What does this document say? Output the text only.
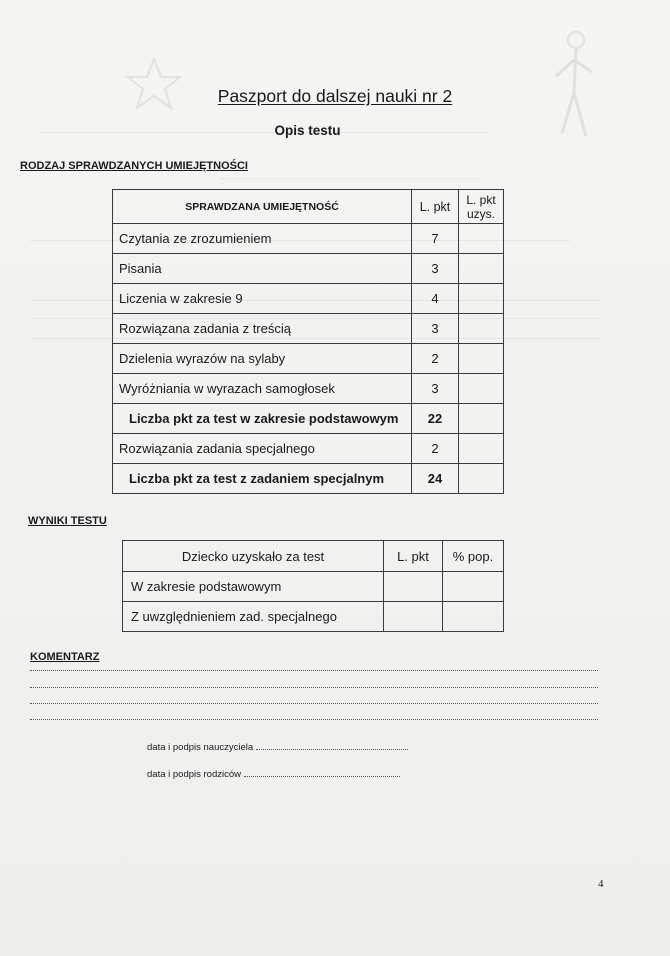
Paszport do dalszej nauki nr 2
Opis testu
RODZAJ SPRAWDZANYCH UMIEJĘTNOŚCI
SPRAWDZANA UMIEJĘTNOŚĆ	L. pkt	L. pkt uzys.
Czytania ze zrozumieniem	7	
Pisania	3	
Liczenia w zakresie 9	4	
Rozwiązana zadania z treścią	3	
Dzielenia wyrazów na sylaby	2	
Wyróżniania w wyrazach samogłosek	3	
Liczba pkt za test w zakresie podstawowym	22	
Rozwiązania zadania specjalnego	2	
Liczba pkt za test z zadaniem specjalnym	24	
WYNIKI TESTU
Dziecko uzyskało za test	L. pkt	% pop.
W zakresie podstawowym		
Z uwzględnieniem zad. specjalnego		
KOMENTARZ
data i podpis nauczyciela
data i podpis rodziców
4
